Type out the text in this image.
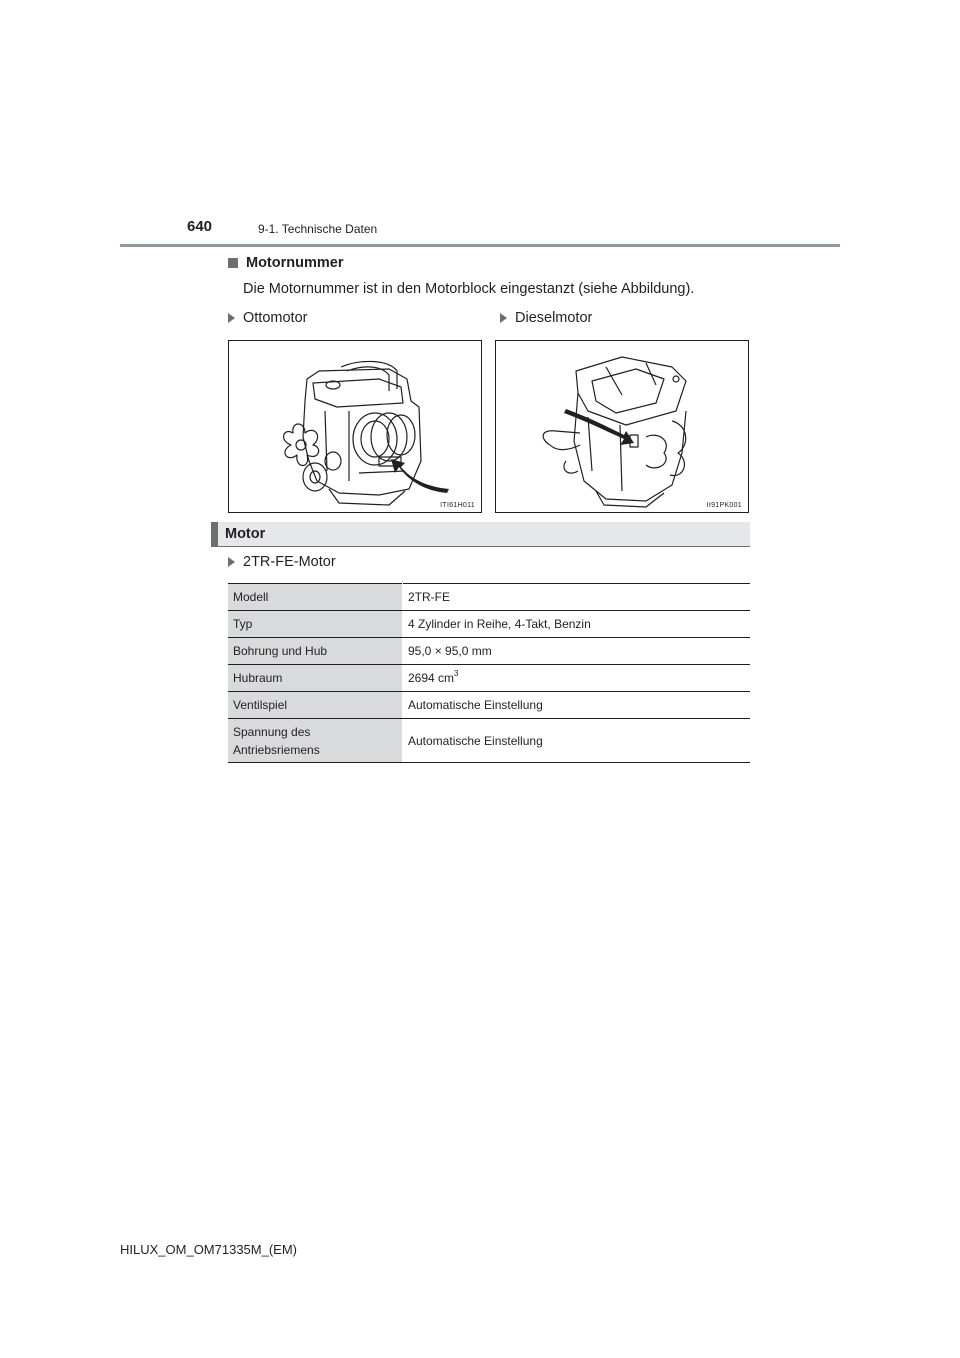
640	9-1. Technische Daten
Motornummer
Die Motornummer ist in den Motorblock eingestanzt (siehe Abbildung).
Ottomotor	Dieselmotor
ITI61H011	II91PK001
Motor
2TR-FE-Motor
Modell	2TR-FE
Typ	4 Zylinder in Reihe, 4-Takt, Benzin
Bohrung und Hub	95,0 × 95,0 mm
Hubraum	2694 $cm^3$
Ventilspiel	Automatische Einstellung
Spannung des
Antriebsriemens	Automatische Einstellung
HILUX_OM_OM71335M_(EM)
